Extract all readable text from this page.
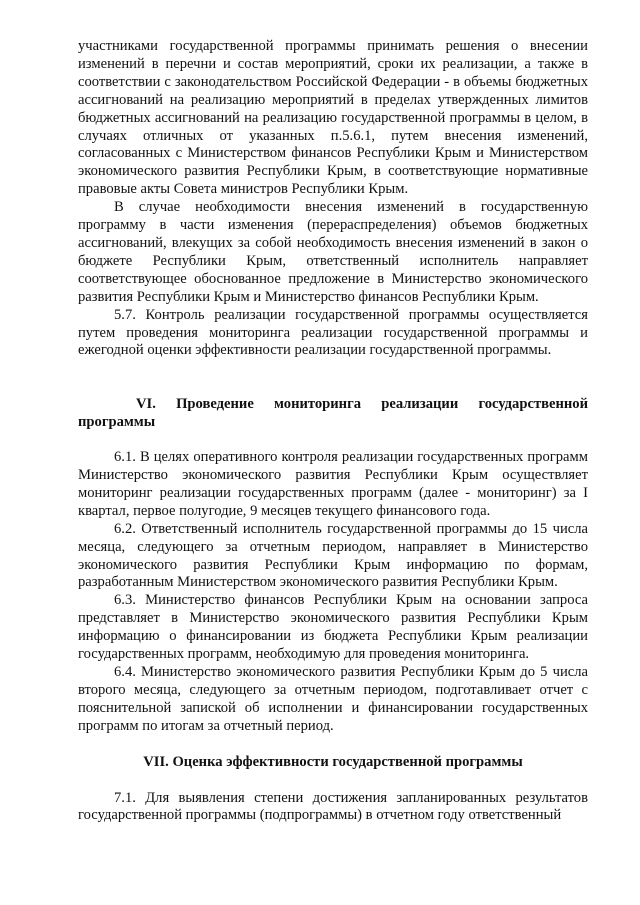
участниками государственной программы принимать решения о внесении изменений в перечни и состав мероприятий, сроки их реализации, а также в соответствии с законодательством Российской Федерации - в объемы бюджетных ассигнований на реализацию мероприятий в пределах утвержденных лимитов бюджетных ассигнований на реализацию государственной программы в целом, в случаях отличных от указанных п.5.6.1, путем внесения изменений, согласованных с Министерством финансов Республики Крым и Министерством экономического развития Республики Крым, в соответствующие нормативные правовые акты Совета министров Республики Крым.

В случае необходимости внесения изменений в государственную программу в части изменения (перераспределения) объемов бюджетных ассигнований, влекущих за собой необходимость внесения изменений в закон о бюджете Республики Крым, ответственный исполнитель направляет соответствующее обоснованное предложение в Министерство экономического развития Республики Крым и Министерство финансов Республики Крым.

5.7. Контроль реализации государственной программы осуществляется путем проведения мониторинга реализации государственной программы и ежегодной оценки эффективности реализации государственной программы.

VI. Проведение мониторинга реализации государственной программы

6.1. В целях оперативного контроля реализации государственных программ Министерство экономического развития Республики Крым осуществляет мониторинг реализации государственных программ (далее - мониторинг) за I квартал, первое полугодие, 9 месяцев текущего финансового года.

6.2. Ответственный исполнитель государственной программы до 15 числа месяца, следующего за отчетным периодом, направляет в Министерство экономического развития Республики Крым информацию по формам, разработанным Министерством экономического развития Республики Крым.

6.3. Министерство финансов Республики Крым на основании запроса представляет в Министерство экономического развития Республики Крым информацию о финансировании из бюджета Республики Крым реализации государственных программ, необходимую для проведения мониторинга.

6.4. Министерство экономического развития Республики Крым до 5 числа второго месяца, следующего за отчетным периодом, подготавливает отчет с пояснительной запиской об исполнении и финансировании государственных программ по итогам за отчетный период.

VII. Оценка эффективности государственной программы

7.1. Для выявления степени достижения запланированных результатов государственной программы (подпрограммы) в отчетном году ответственный
